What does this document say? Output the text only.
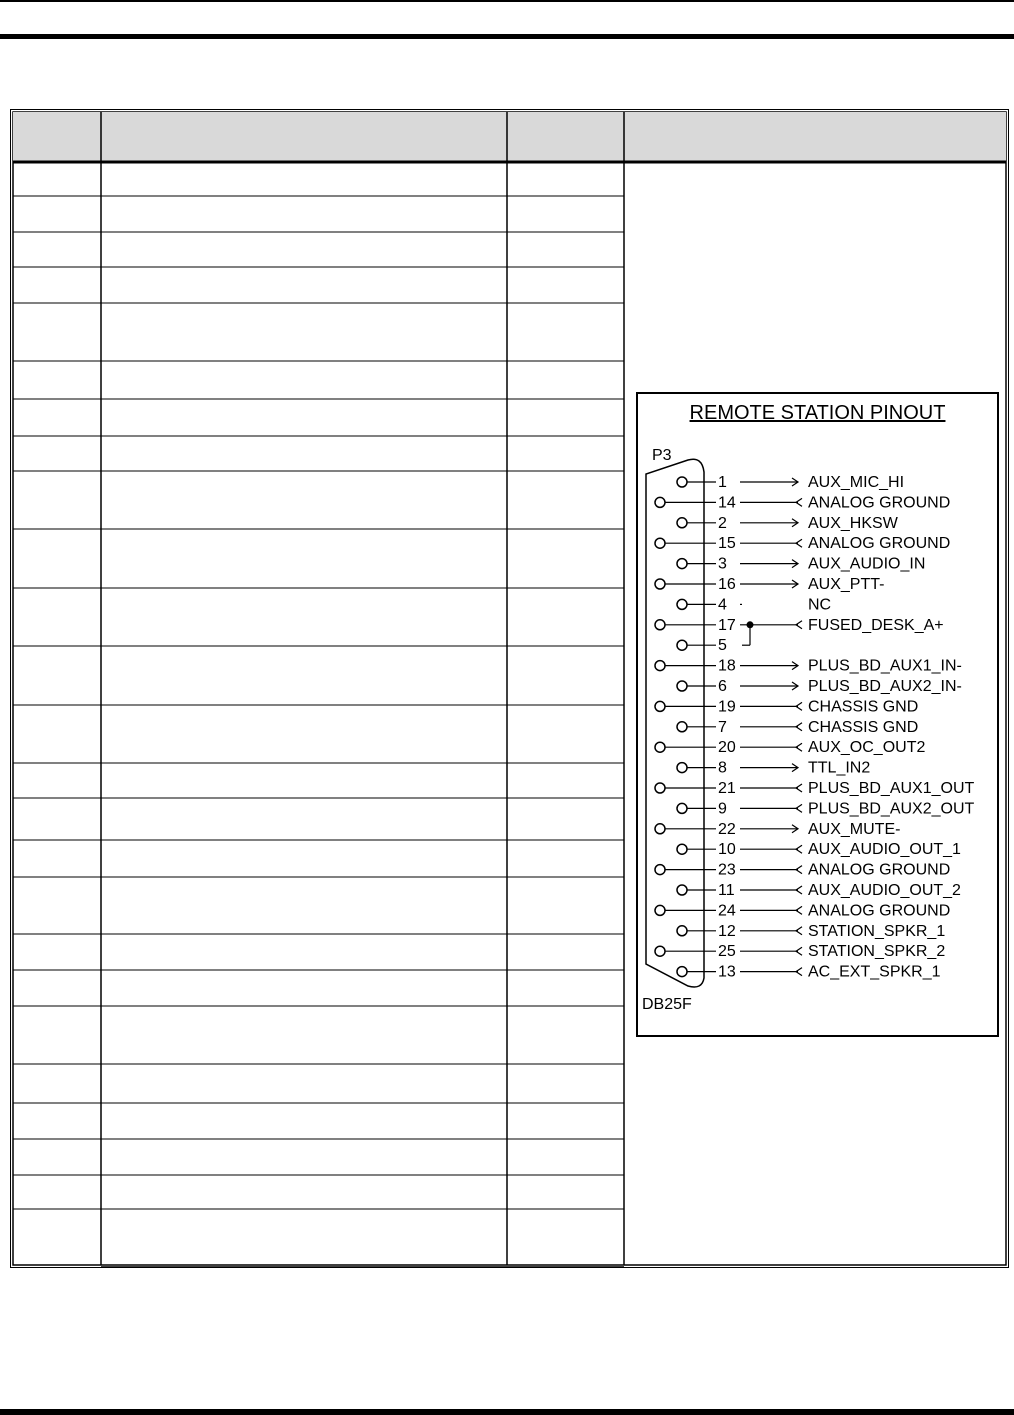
REMOTE STATION PINOUT
P3
DB25F
1	AUX_MIC_HI
14	ANALOG GROUND
2	AUX_HKSW
15	ANALOG GROUND
3	AUX_AUDIO_IN
16	AUX_PTT-
4	NC
17	FUSED_DESK_A+
5
18	PLUS_BD_AUX1_IN-
6	PLUS_BD_AUX2_IN-
19	CHASSIS GND
7	CHASSIS GND
20	AUX_OC_OUT2
8	TTL_IN2
21	PLUS_BD_AUX1_OUT
9	PLUS_BD_AUX2_OUT
22	AUX_MUTE-
10	AUX_AUDIO_OUT_1
23	ANALOG GROUND
11	AUX_AUDIO_OUT_2
24	ANALOG GROUND
12	STATION_SPKR_1
25	STATION_SPKR_2
13	AC_EXT_SPKR_1
